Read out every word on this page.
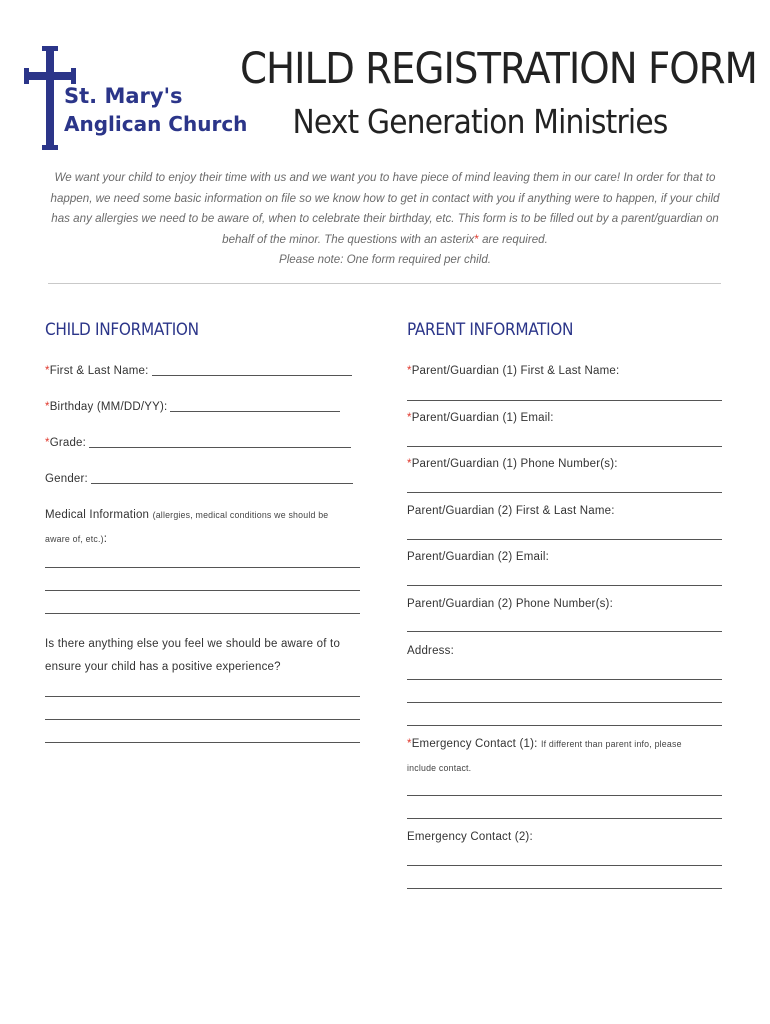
St. Mary's
Anglican Church
CHILD REGISTRATION FORM
Next Generation Ministries

We want your child to enjoy their time with us and we want you to have piece of mind leaving them in our care! In order for that to happen, we need some basic information on file so we know how to get in contact with you if anything were to happen, if your child has any allergies we need to be aware of, when to celebrate their birthday, etc. This form is to be filled out by a parent/guardian on behalf of the minor. The questions with an asterix* are required.

Please note: One form required per child.

CHILD INFORMATION
*First & Last Name:
*Birthday (MM/DD/YY):
*Grade:
Gender:
Medical Information (allergies, medical conditions we should be
aware of, etc.):
Is there anything else you feel we should be aware of to
ensure your child has a positive experience?
PARENT INFORMATION
*Parent/Guardian (1) First & Last Name:
*Parent/Guardian (1) Email:
*Parent/Guardian (1) Phone Number(s):
Parent/Guardian (2) First & Last Name:
Parent/Guardian (2) Email:
Parent/Guardian (2) Phone Number(s):
Address:
*Emergency Contact (1): If different than parent info, please
include contact.
Emergency Contact (2):
